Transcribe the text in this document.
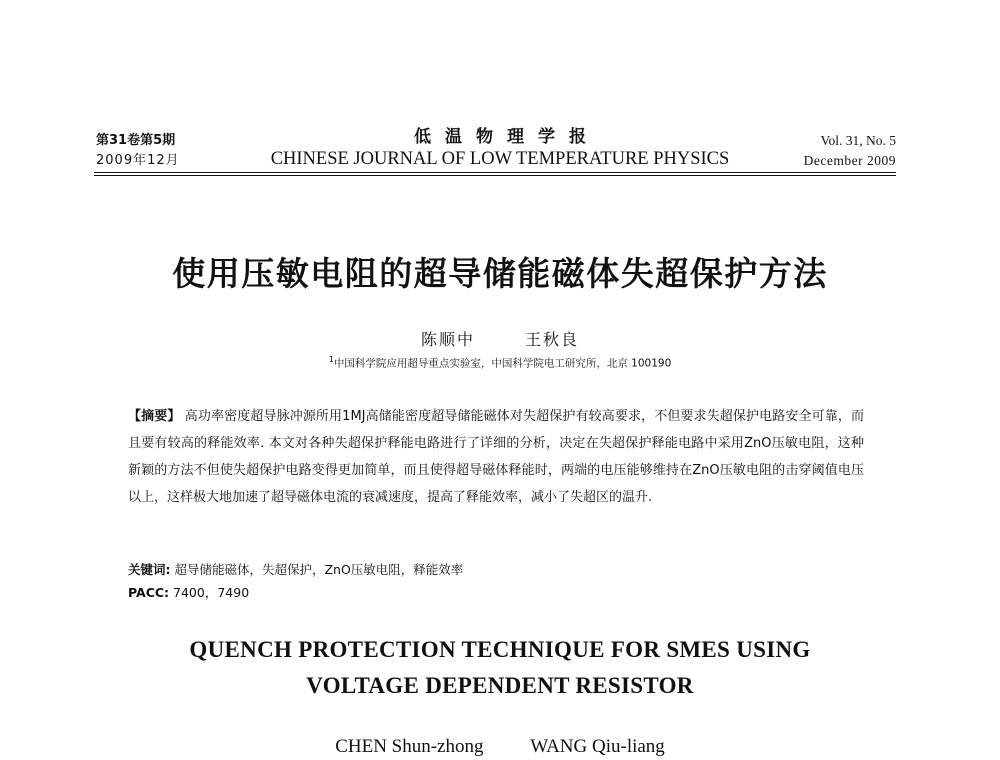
第31卷第5期
2009年12月
低温物理学报
CHINESE JOURNAL OF LOW TEMPERATURE PHYSICS
Vol. 31, No. 5
December 2009
使用压敏电阻的超导储能磁体失超保护方法
陈顺中	王秋良
$^1$中国科学院应用超导重点实验室，中国科学院电工研究所，北京 100190
【摘要】 高功率密度超导脉冲源所用1MJ高储能密度超导储能磁体对失超保护有较高要求，不但要求失超保护电路安全可靠，而且要有较高的释能效率. 本文对各种失超保护释能电路进行了详细的分析，决定在失超保护释能电路中采用ZnO压敏电阻，这种新颖的方法不但使失超保护电路变得更加简单，而且使得超导磁体释能时，两端的电压能够维持在ZnO压敏电阻的击穿阈值电压以上，这样极大地加速了超导磁体电流的衰减速度，提高了释能效率，减小了失超区的温升.
关键词: 超导储能磁体，失超保护，ZnO压敏电阻，释能效率
PACC: 7400，7490
QUENCH PROTECTION TECHNIQUE FOR SMES USING
VOLTAGE DEPENDENT RESISTOR
CHEN Shun-zhong WANG Qiu-liang
